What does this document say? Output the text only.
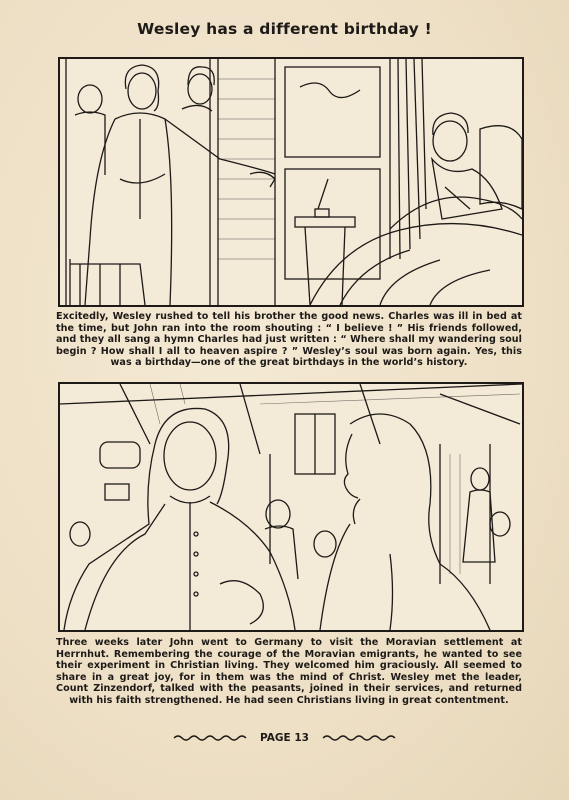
Wesley has a different birthday !
Excitedly, Wesley rushed to tell his brother the good news. Charles was ill in bed at the time, but John ran into the room shouting : “ I believe ! ” His friends followed, and they all sang a hymn Charles had just written : “ Where shall my wandering soul begin ? How shall I all to heaven aspire ? ” Wesley’s soul was born again. Yes, this was a birthday—one of the great birthdays in the world’s history.
Three weeks later John went to Germany to visit the Moravian settlement at Herrnhut. Remembering the courage of the Moravian emigrants, he wanted to see their experiment in Christian living. They welcomed him graciously. All seemed to share in a great joy, for in them was the mind of Christ. Wesley met the leader, Count Zinzendorf, talked with the peasants, joined in their services, and returned with his faith strengthened. He had seen Christians living in great contentment.
PAGE 13
